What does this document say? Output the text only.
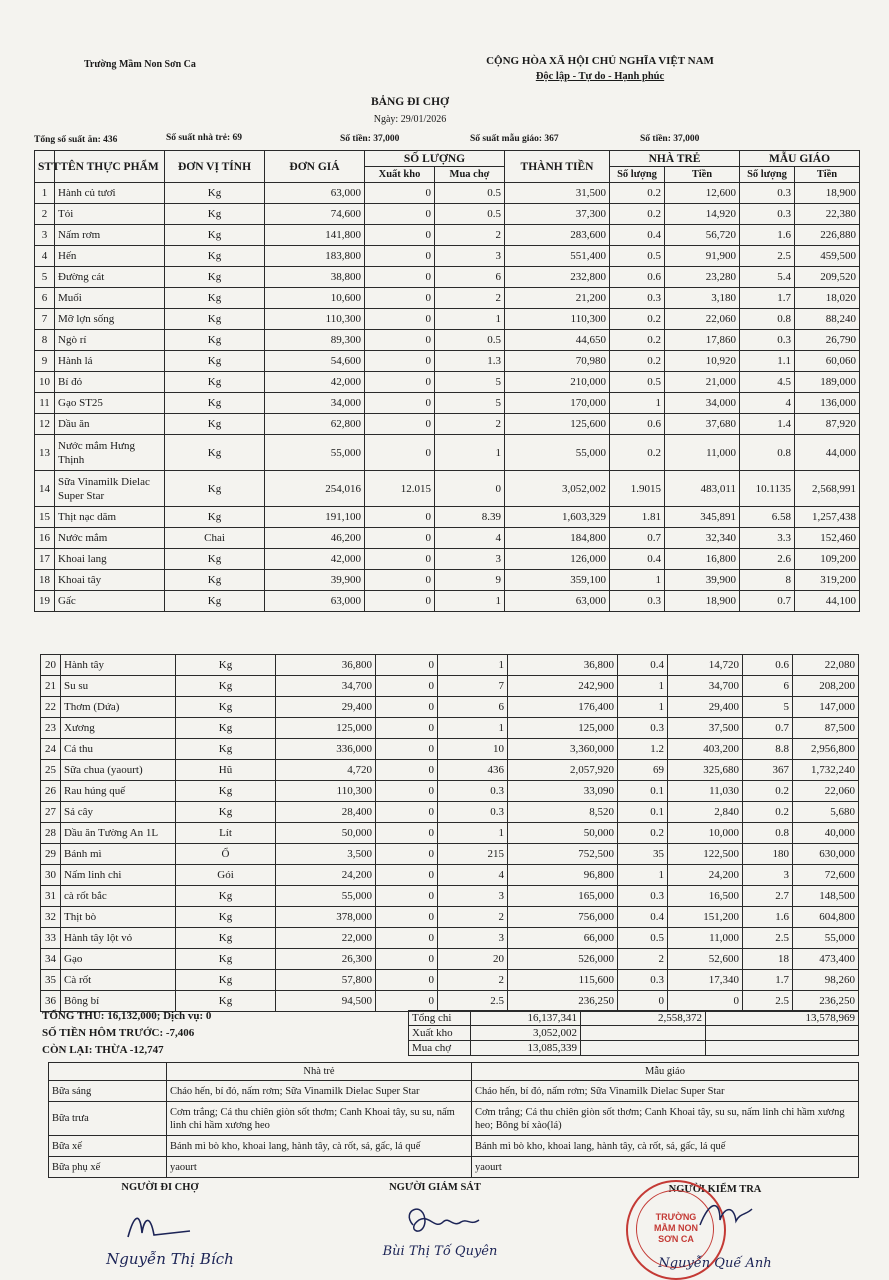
Trường Mầm Non Sơn Ca	CỘNG HÒA XÃ HỘI CHỦ NGHĨA VIỆT NAM
Độc lập - Tự do - Hạnh phúc
BẢNG ĐI CHỢ
Ngày: 29/01/2026
Tổng số suất ăn: 436	Số suất nhà trẻ: 69	Số tiền: 37,000	Số suất mẫu giáo: 367	Số tiền: 37,000
STT	TÊN THỰC PHẨM	ĐƠN VỊ TÍNH	ĐƠN GIÁ	SỐ LƯỢNG		THÀNH TIỀN	NHÀ TRẺ		MẪU GIÁO	
				Xuất kho	Mua chợ		Số lượng	Tiền	Số lượng	Tiền
1	Hành củ tươi	Kg	63,000	0	0.5	31,500	0.2	12,600	0.3	18,900
2	Tỏi	Kg	74,600	0	0.5	37,300	0.2	14,920	0.3	22,380
3	Nấm rơm	Kg	141,800	0	2	283,600	0.4	56,720	1.6	226,880
4	Hến	Kg	183,800	0	3	551,400	0.5	91,900	2.5	459,500
5	Đường cát	Kg	38,800	0	6	232,800	0.6	23,280	5.4	209,520
6	Muối	Kg	10,600	0	2	21,200	0.3	3,180	1.7	18,020
7	Mỡ lợn sống	Kg	110,300	0	1	110,300	0.2	22,060	0.8	88,240
8	Ngò rí	Kg	89,300	0	0.5	44,650	0.2	17,860	0.3	26,790
9	Hành lá	Kg	54,600	0	1.3	70,980	0.2	10,920	1.1	60,060
10	Bí đỏ	Kg	42,000	0	5	210,000	0.5	21,000	4.5	189,000
11	Gạo ST25	Kg	34,000	0	5	170,000	1	34,000	4	136,000
12	Dầu ăn	Kg	62,800	0	2	125,600	0.6	37,680	1.4	87,920
13	Nước mắm Hưng Thịnh	Kg	55,000	0	1	55,000	0.2	11,000	0.8	44,000
14	Sữa Vinamilk Dielac Super Star	Kg	254,016	12.015	0	3,052,002	1.9015	483,011	10.1135	2,568,991
15	Thịt nạc dăm	Kg	191,100	0	8.39	1,603,329	1.81	345,891	6.58	1,257,438
16	Nước mắm	Chai	46,200	0	4	184,800	0.7	32,340	3.3	152,460
17	Khoai lang	Kg	42,000	0	3	126,000	0.4	16,800	2.6	109,200
18	Khoai tây	Kg	39,900	0	9	359,100	1	39,900	8	319,200
19	Gấc	Kg	63,000	0	1	63,000	0.3	18,900	0.7	44,100
20	Hành tây	Kg	36,800	0	1	36,800	0.4	14,720	0.6	22,080
21	Su su	Kg	34,700	0	7	242,900	1	34,700	6	208,200
22	Thơm (Dứa)	Kg	29,400	0	6	176,400	1	29,400	5	147,000
23	Xương	Kg	125,000	0	1	125,000	0.3	37,500	0.7	87,500
24	Cá thu	Kg	336,000	0	10	3,360,000	1.2	403,200	8.8	2,956,800
25	Sữa chua (yaourt)	Hũ	4,720	0	436	2,057,920	69	325,680	367	1,732,240
26	Rau húng quế	Kg	110,300	0	0.3	33,090	0.1	11,030	0.2	22,060
27	Sả cây	Kg	28,400	0	0.3	8,520	0.1	2,840	0.2	5,680
28	Dầu ăn Tường An 1L	Lít	50,000	0	1	50,000	0.2	10,000	0.8	40,000
29	Bánh mì	Ổ	3,500	0	215	752,500	35	122,500	180	630,000
30	Nấm linh chi	Gói	24,200	0	4	96,800	1	24,200	3	72,600
31	cà rốt bắc	Kg	55,000	0	3	165,000	0.3	16,500	2.7	148,500
32	Thịt bò	Kg	378,000	0	2	756,000	0.4	151,200	1.6	604,800
33	Hành tây lột vỏ	Kg	22,000	0	3	66,000	0.5	11,000	2.5	55,000
34	Gạo	Kg	26,300	0	20	526,000	2	52,600	18	473,400
35	Cà rốt	Kg	57,800	0	2	115,600	0.3	17,340	1.7	98,260
36	Bông bí	Kg	94,500	0	2.5	236,250	0	0	2.5	236,250
TỔNG THU: 16,132,000; Dịch vụ: 0
SỐ TIỀN HÔM TRƯỚC: -7,406
CÒN LẠI: THỪA -12,747
Tổng chi	16,137,341	2,558,372	13,578,969
Xuất kho	3,052,002		
Mua chợ	13,085,339		
	Nhà trẻ	Mẫu giáo
Bữa sáng	Cháo hến, bí đỏ, nấm rơm; Sữa Vinamilk Dielac Super Star	Cháo hến, bí đỏ, nấm rơm; Sữa Vinamilk Dielac Super Star
Bữa trưa	Cơm trắng; Cá thu chiên giòn sốt thơm; Canh Khoai tây, su su, nấm linh chi hầm xương heo	Cơm trắng; Cá thu chiên giòn sốt thơm; Canh Khoai tây, su su, nấm linh chi hầm xương heo; Bông bí xào(lá)
Bữa xế	Bánh mì bò kho, khoai lang, hành tây, cà rốt, sả, gấc, lá quế	Bánh mì bò kho, khoai lang, hành tây, cà rốt, sả, gấc, lá quế
Bữa phụ xế	yaourt	yaourt
NGƯỜI ĐI CHỢ
Nguyễn Thị Bích
NGƯỜI GIÁM SÁT
Bùi Thị Tố Quyên
NGƯỜI KIỂM TRA
TRƯỜNG MẦM NON SƠN CA
Nguyễn Quế Anh
